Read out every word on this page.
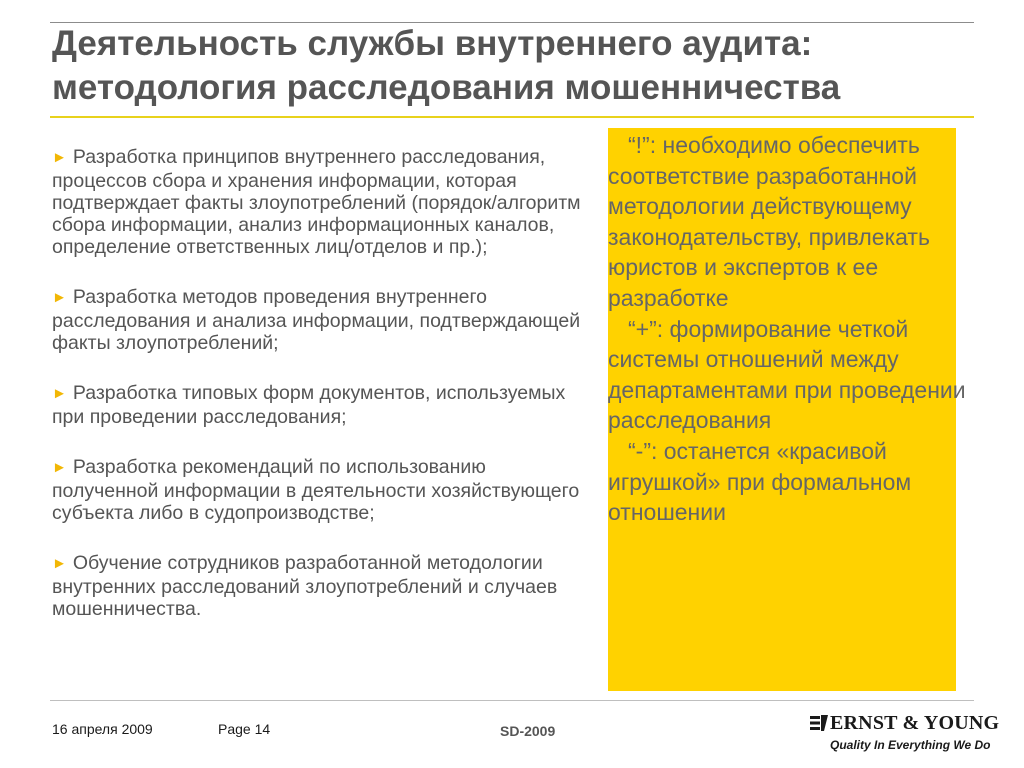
Деятельность службы внутреннего аудита:
методология расследования мошенничества
► Разработка принципов внутреннего расследования, процессов сбора и хранения информации, которая подтверждает факты злоупотреблений (порядок/алгоритм сбора информации, анализ информационных каналов, определение ответственных лиц/отделов и пр.);
► Разработка методов проведения внутреннего расследования и анализа информации, подтверждающей факты злоупотреблений;
► Разработка типовых форм документов, используемых при проведении расследования;
► Разработка рекомендаций по использованию полученной информации в деятельности хозяйствующего субъекта либо в судопроизводстве;
► Обучение сотрудников разработанной методологии внутренних расследований злоупотреблений и случаев мошенничества.

“!”: необходимо обеспечить соответствие разработанной методологии действующему законодательству, привлекать юристов и экспертов к ее разработке

“+”: формирование четкой системы отношений между департаментами при проведении расследования

“-”: останется «красивой игрушкой» при формальном отношении

16 апреля 2009	Page 14	SD-2009	ERNST & YOUNG
Quality In Everything We Do
